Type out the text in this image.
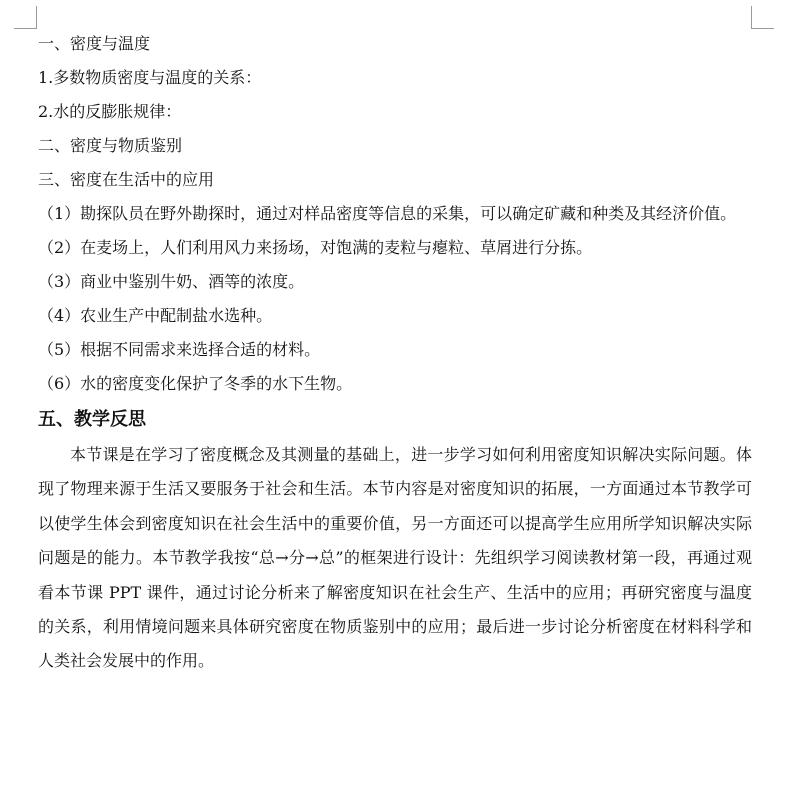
一、密度与温度
1.多数物质密度与温度的关系：
2.水的反膨胀规律：
二、密度与物质鉴别
三、密度在生活中的应用
（1）勘探队员在野外勘探时，通过对样品密度等信息的采集，可以确定矿藏和种类及其经济价值。
（2）在麦场上，人们利用风力来扬场，对饱满的麦粒与瘪粒、草屑进行分拣。
（3）商业中鉴别牛奶、酒等的浓度。
（4）农业生产中配制盐水选种。
（5）根据不同需求来选择合适的材料。
（6）水的密度变化保护了冬季的水下生物。
五、教学反思

本节课是在学习了密度概念及其测量的基础上，进一步学习如何利用密度知识解决实际问题。体现了物理来源于生活又要服务于社会和生活。本节内容是对密度知识的拓展，一方面通过本节教学可以使学生体会到密度知识在社会生活中的重要价值，另一方面还可以提高学生应用所学知识解决实际问题是的能力。本节教学我按“总→分→总”的框架进行设计：先组织学习阅读教材第一段，再通过观看本节课 PPT 课件，通过讨论分析来了解密度知识在社会生产、生活中的应用；再研究密度与温度的关系，利用情境问题来具体研究密度在物质鉴别中的应用；最后进一步讨论分析密度在材料科学和人类社会发展中的作用。
